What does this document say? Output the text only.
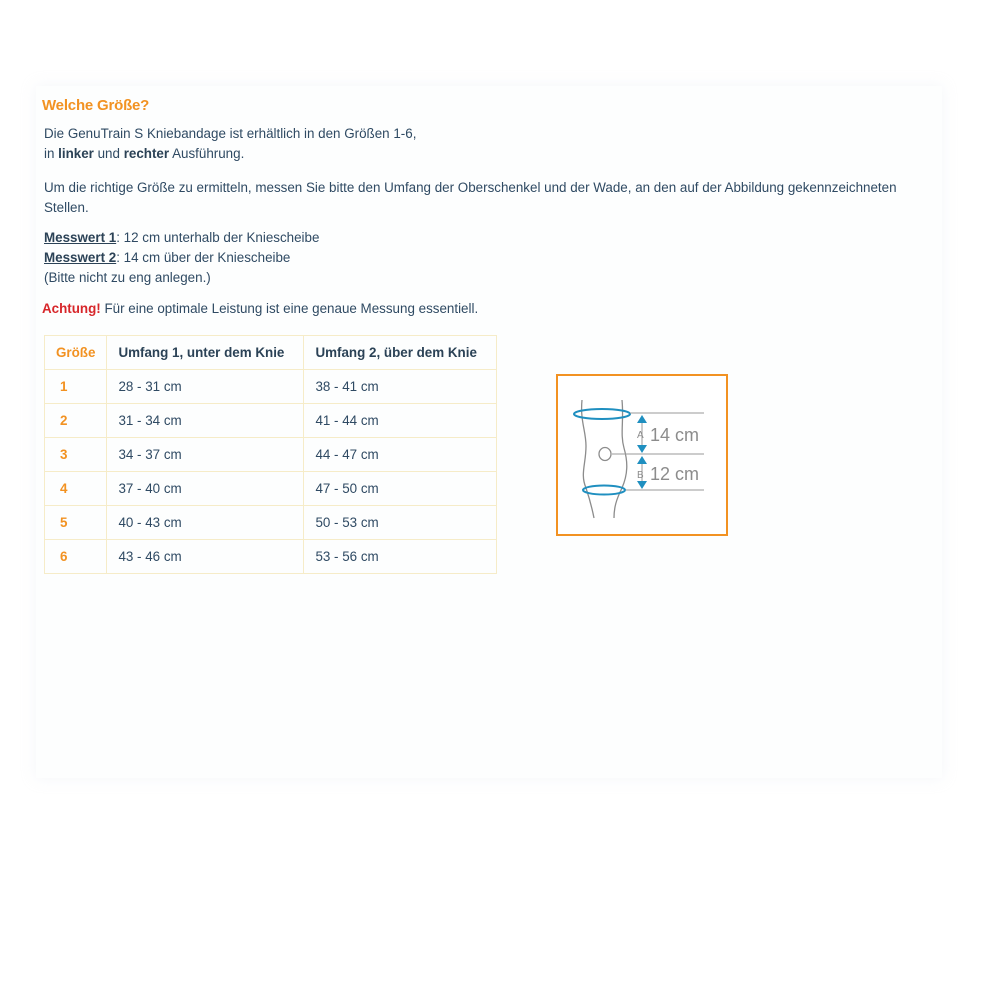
Welche Größe?

Die GenuTrain S Kniebandage ist erhältlich in den Größen 1-6,
in linker und rechter Ausführung.

Um die richtige Größe zu ermitteln, messen Sie bitte den Umfang der Oberschenkel und der Wade, an den auf der Abbildung gekennzeichneten Stellen.

Messwert 1: 12 cm unterhalb der Kniescheibe
Messwert 2: 14 cm über der Kniescheibe
(Bitte nicht zu eng anlegen.)

Achtung! Für eine optimale Leistung ist eine genaue Messung essentiell.

Größe	Umfang 1, unter dem Knie	Umfang 2, über dem Knie
1	28 - 31 cm	38 - 41 cm
2	31 - 34 cm	41 - 44 cm
3	34 - 37 cm	44 - 47 cm
4	37 - 40 cm	47 - 50 cm
5	40 - 43 cm	50 - 53 cm
6	43 - 46 cm	53 - 56 cm
A 14 cm
B 12 cm
